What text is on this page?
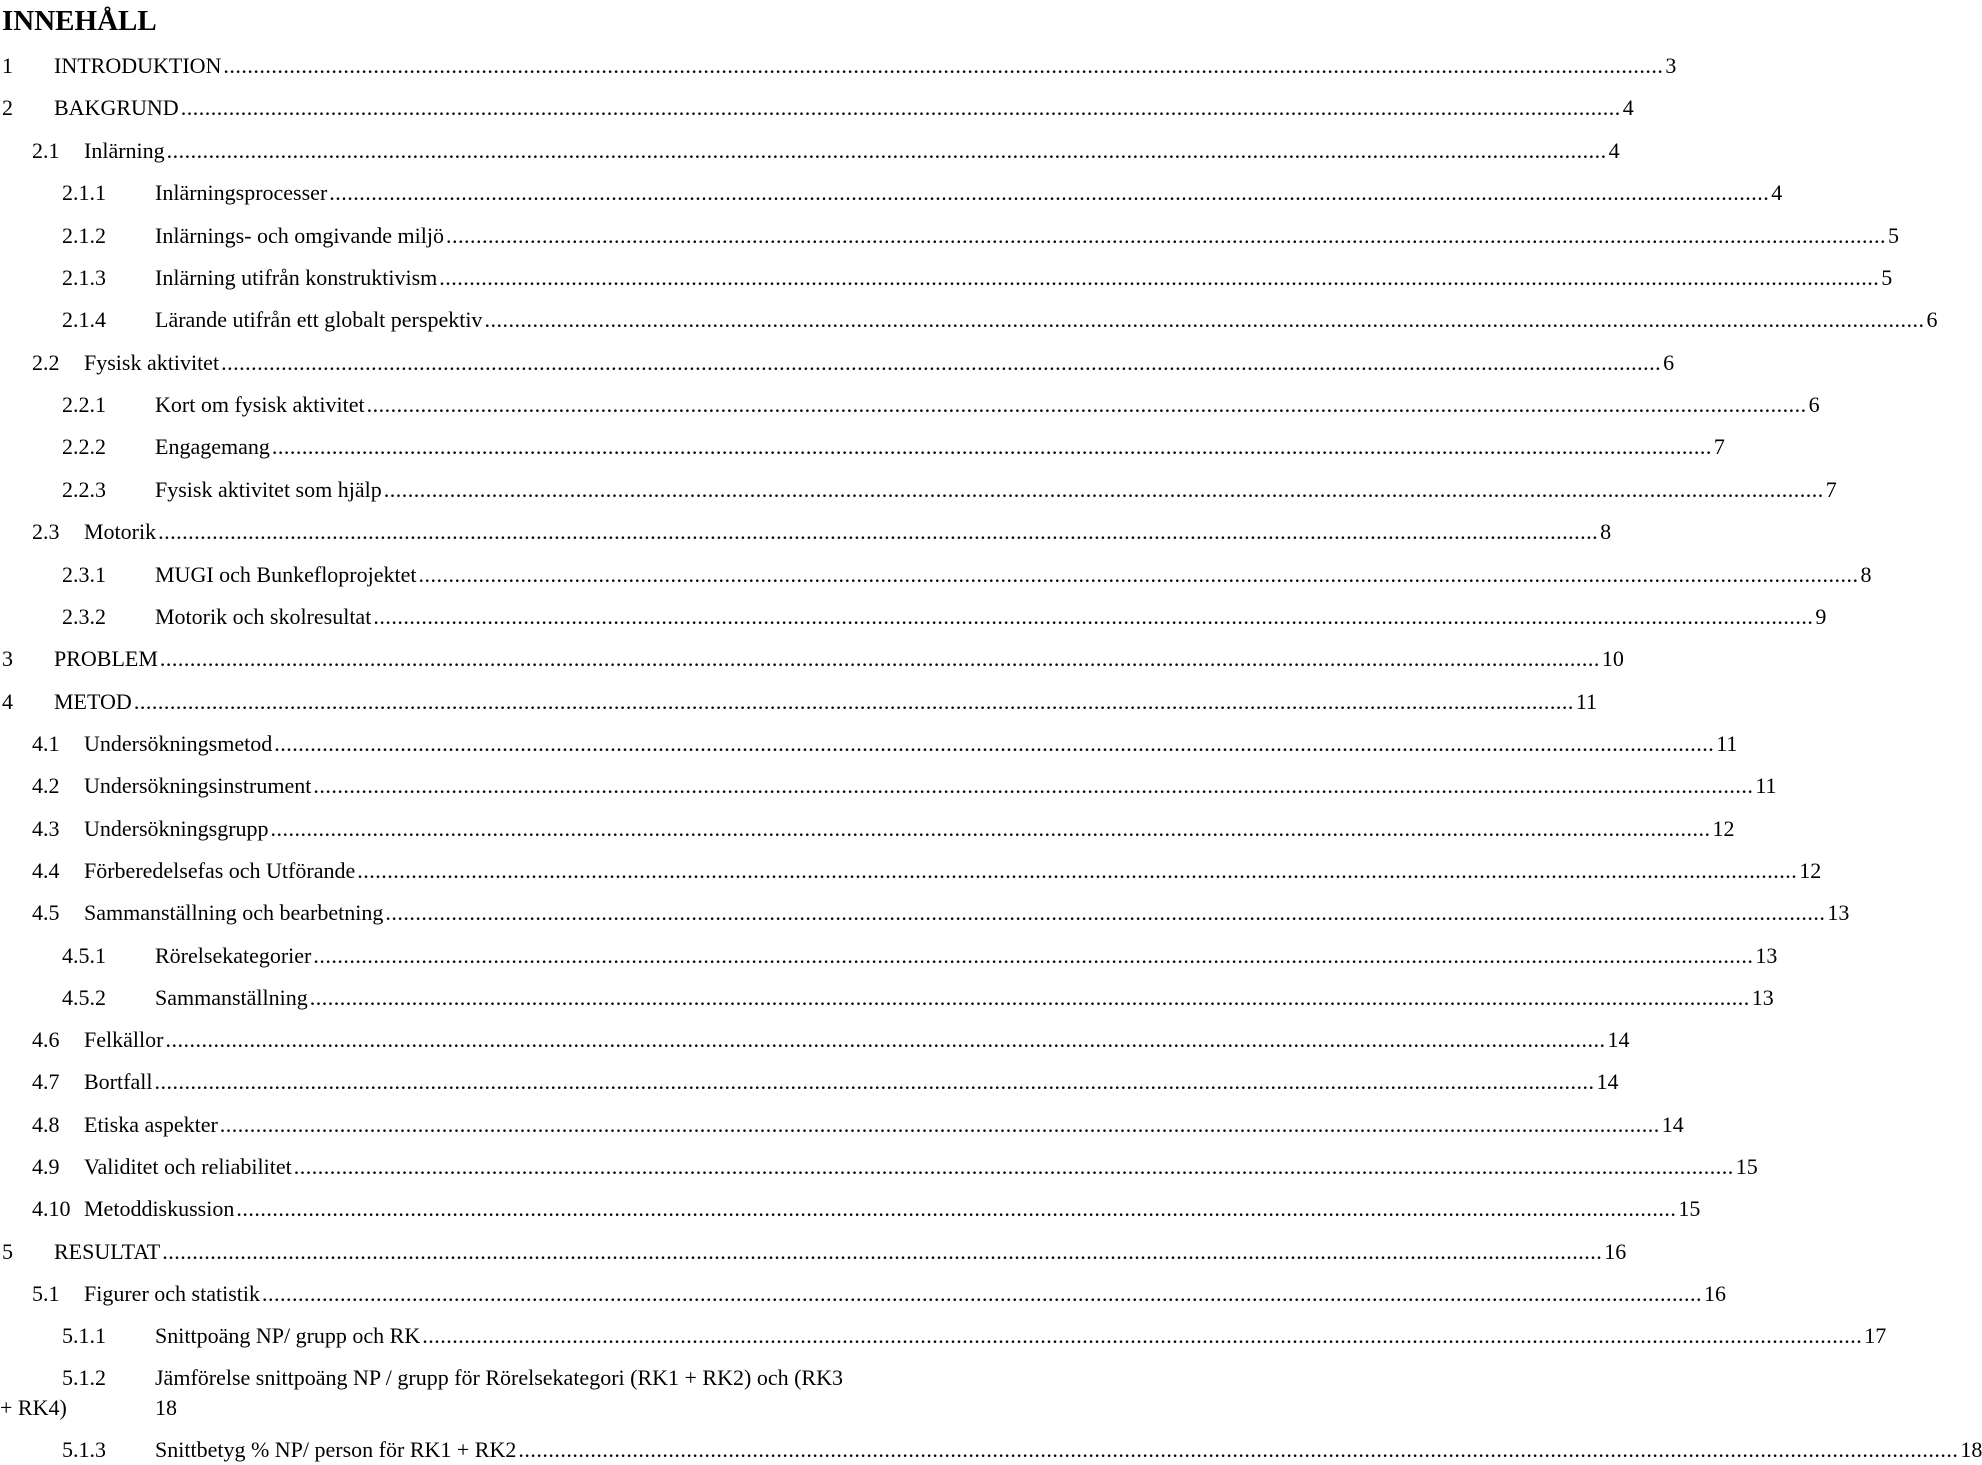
INNEHÅLL
1	INTRODUKTION .....	3
2	BAKGRUND .....	4
2.1	Inlärning .....	4
2.1.1	Inlärningsprocesser .....	4
2.1.2	Inlärnings- och omgivande miljö .....	5
2.1.3	Inlärning utifrån konstruktivism .....	5
2.1.4	Lärande utifrån ett globalt perspektiv .....	6
2.2	Fysisk aktivitet .....	6
2.2.1	Kort om fysisk aktivitet .....	6
2.2.2	Engagemang .....	7
2.2.3	Fysisk aktivitet som hjälp .....	7
2.3	Motorik .....	8
2.3.1	MUGI och Bunkefloprojektet .....	8
2.3.2	Motorik och skolresultat .....	9
3	PROBLEM .....	10
4	METOD .....	11
4.1	Undersökningsmetod .....	11
4.2	Undersökningsinstrument .....	11
4.3	Undersökningsgrupp .....	12
4.4	Förberedelsefas och Utförande .....	12
4.5	Sammanställning och bearbetning .....	13
4.5.1	Rörelsekategorier .....	13
4.5.2	Sammanställning .....	13
4.6	Felkällor .....	14
4.7	Bortfall .....	14
4.8	Etiska aspekter .....	14
4.9	Validitet och reliabilitet .....	15
4.10 Metoddiskussion .....	15
5	RESULTAT .....	16
5.1	Figurer och statistik .....	16
5.1.1	Snittpoäng NP/ grupp och RK .....	17
5.1.2	Jämförelse snittpoäng NP / grupp för Rörelsekategori (RK1 + RK2) och (RK3
+ RK4)	18
5.1.3	Snittbetyg % NP/ person för RK1 + RK2 .....	18
